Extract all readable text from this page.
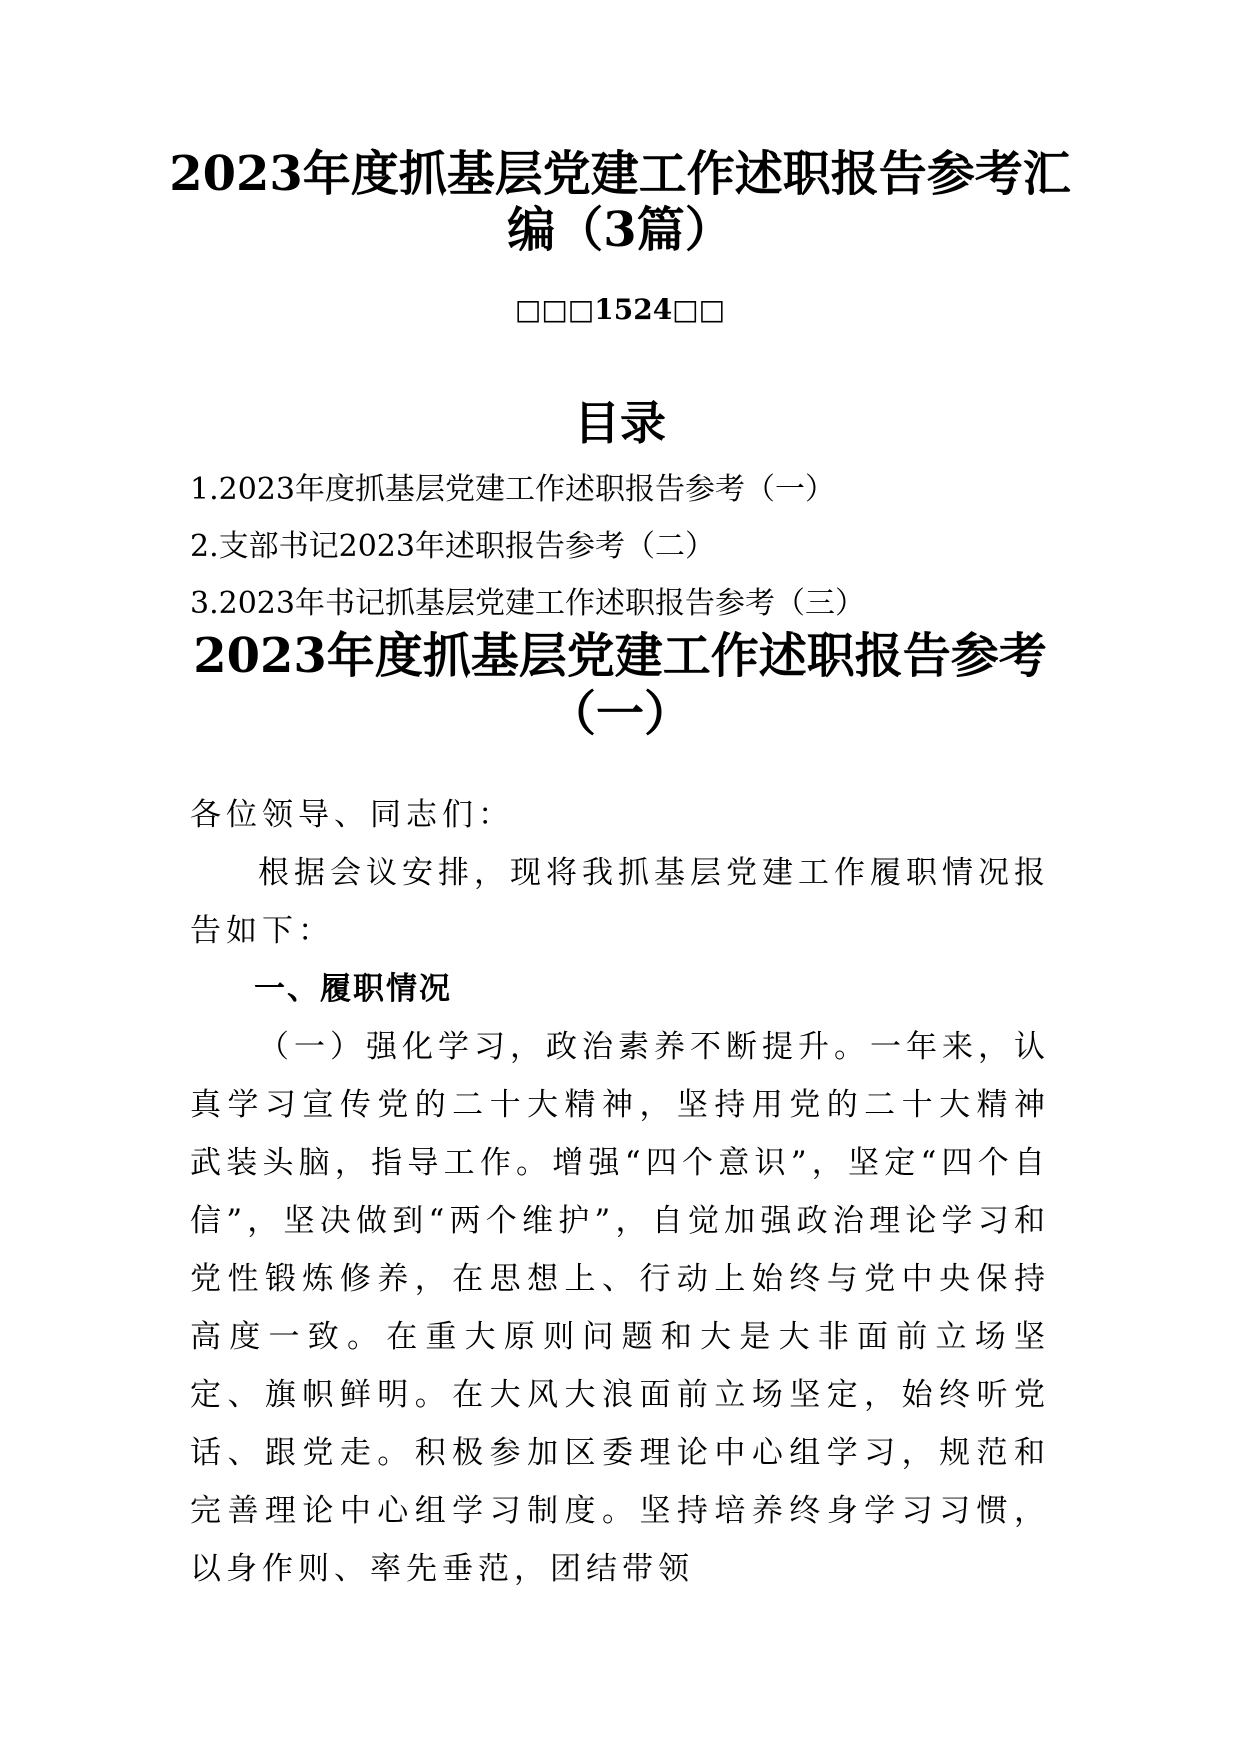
2023年度抓基层党建工作述职报告参考汇
编（3篇）
□□□1524□□
目录
1.2023年度抓基层党建工作述职报告参考（一）
2.支部书记2023年述职报告参考（二）
3.2023年书记抓基层党建工作述职报告参考（三）
2023年度抓基层党建工作述职报告参考
（一）

各位领导、同志们：

根据会议安排，现将我抓基层党建工作履职情况报告如下：

一、履职情况

（一）强化学习，政治素养不断提升。一年来，认真学习宣传党的二十大精神，坚持用党的二十大精神武装头脑，指导工作。增强“四个意识”，坚定“四个自信”，坚决做到“两个维护”，自觉加强政治理论学习和党性锻炼修养，在思想上、行动上始终与党中央保持高度一致。在重大原则问题和大是大非面前立场坚定、旗帜鲜明。在大风大浪面前立场坚定，始终听党话、跟党走。积极参加区委理论中心组学习，规范和完善理论中心组学习制度。坚持培养终身学习习惯，以身作则、率先垂范，团结带领
